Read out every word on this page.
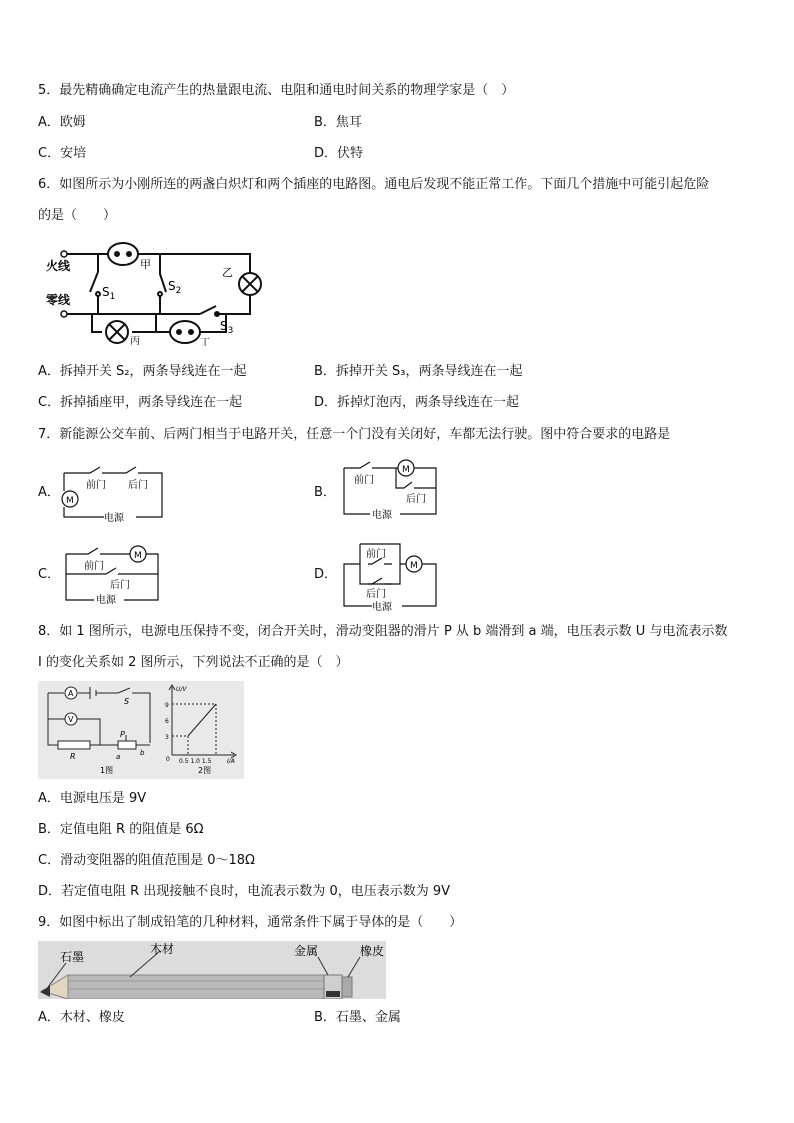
5．最先精确确定电流产生的热量跟电流、电阻和通电时间关系的物理学家是（　）
A．欧姆	B．焦耳
C．安培	D．伏特
6．如图所示为小刚所连的两盏白炽灯和两个插座的电路图。通电后发现不能正常工作。下面几个措施中可能引起危险
的是（　　）
火线
零线
甲
乙
丙	丁
$S_1$
$S_2$
$S_3$
A．拆掉开关 S₂，两条导线连在一起	B．拆掉开关 S₃，两条导线连在一起
C．拆掉插座甲，两条导线连在一起	D．拆掉灯泡丙，两条导线连在一起
7．新能源公交车前、后两门相当于电路开关，任意一个门没有关闭好，车都无法行驶。图中符合要求的电路是
A．
M
前门 后门
电源
B．
M
前门
后门
电源
C．
M
前门
后门
电源
D．
M
前门
后门
电源
8．如 1 图所示，电源电压保持不变，闭合开关时，滑动变阻器的滑片 P 从 b 端滑到 a 端，电压表示数 U 与电流表示数
I 的变化关系如 2 图所示，下列说法不正确的是（　）
A
V
S
R
P
a	b
1图
U/V
9
6
3
0 0.5 1.0 1.5	I/A
2图
A．电源电压是 9V
B．定值电阻 R 的阻值是 6Ω
C．滑动变阻器的阻值范围是 0～18Ω
D．若定值电阻 R 出现接触不良时，电流表示数为 0，电压表示数为 9V
9．如图中标出了制成铅笔的几种材料，通常条件下属于导体的是（　　）
石墨
木材	金属	橡皮
A．木材、橡皮	B．石墨、金属
